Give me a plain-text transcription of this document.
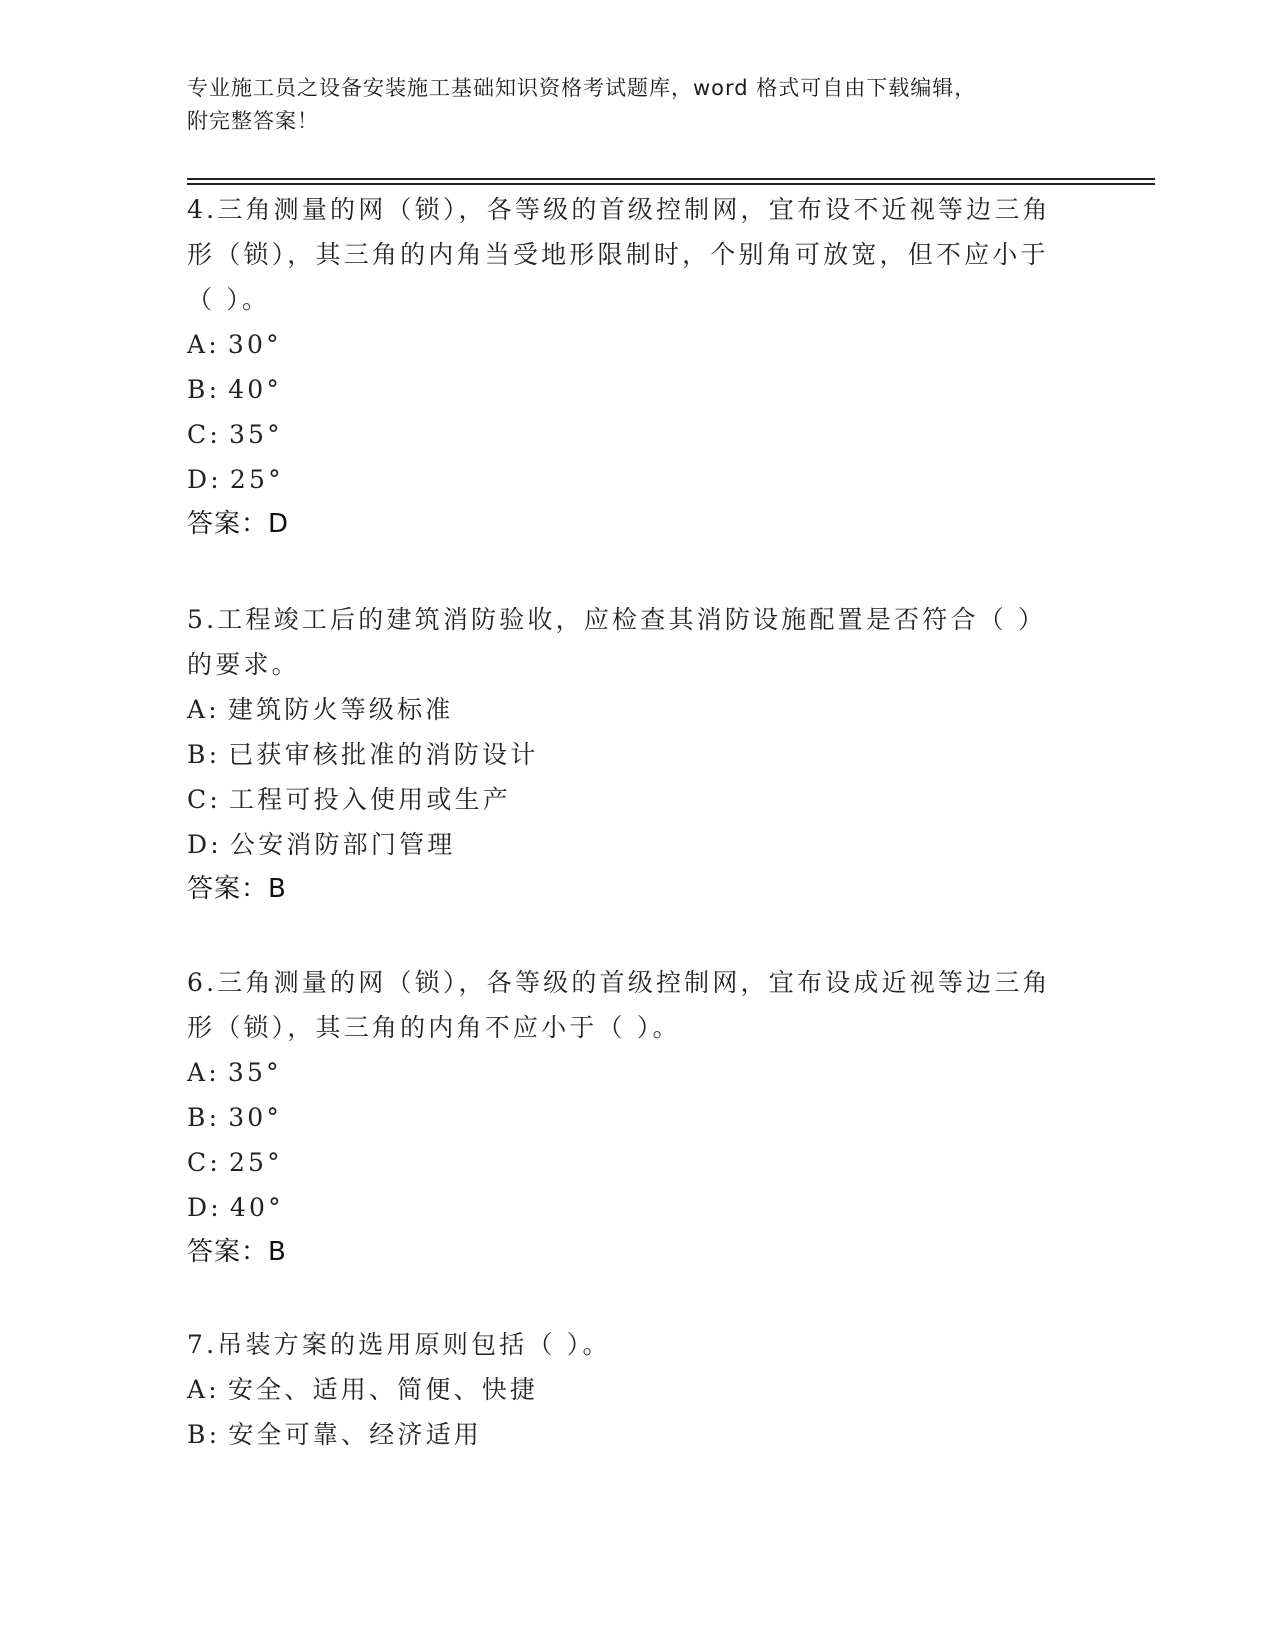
专业施工员之设备安装施工基础知识资格考试题库，word 格式可自由下载编辑，
附完整答案！

4.三角测量的网（锁），各等级的首级控制网，宜布设不近视等边三角形（锁），其三角的内角当受地形限制时，个别角可放宽，但不应小于（ ）。

A: 30°

B: 40°

C: 35°

D: 25°

答案：D

5.工程竣工后的建筑消防验收，应检查其消防设施配置是否符合（ ）的要求。

A: 建筑防火等级标准

B: 已获审核批准的消防设计

C: 工程可投入使用或生产

D: 公安消防部门管理

答案：B

6.三角测量的网（锁），各等级的首级控制网，宜布设成近视等边三角形（锁），其三角的内角不应小于（ ）。

A: 35°

B: 30°

C: 25°

D: 40°

答案：B

7.吊装方案的选用原则包括（ ）。

A: 安全、适用、简便、快捷

B: 安全可靠、经济适用
